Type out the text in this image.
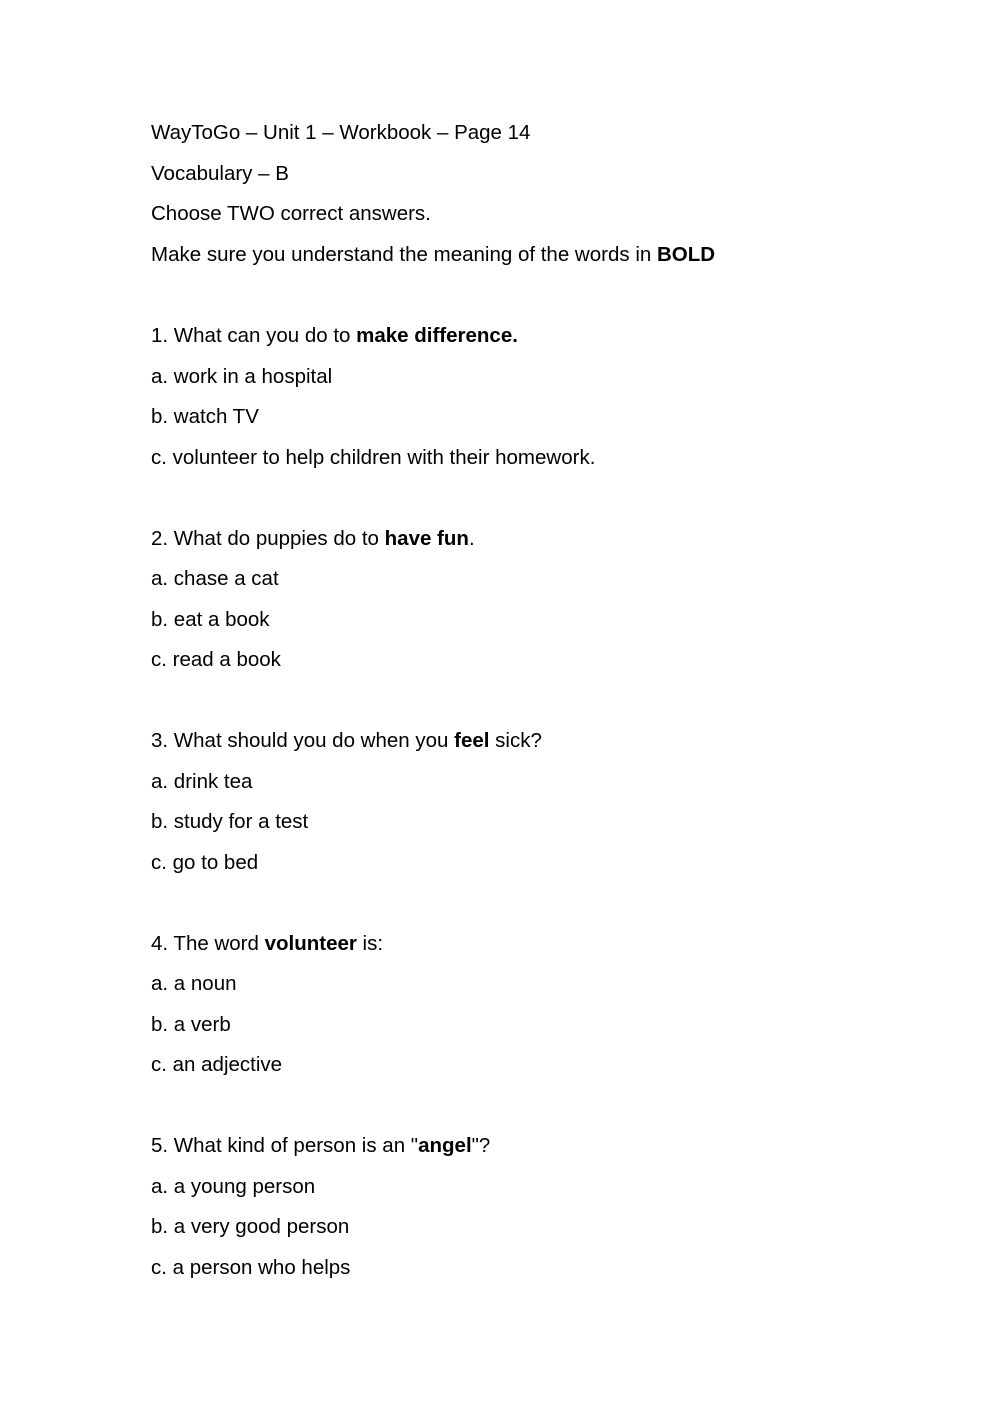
WayToGo – Unit 1 – Workbook – Page 14
Vocabulary – B
Choose TWO correct answers.
Make sure you understand the meaning of the words in BOLD
1. What can you do to make difference.
a. work in a hospital
b. watch TV
c. volunteer to help children with their homework.
2. What do puppies do to have fun.
a. chase a cat
b. eat a book
c. read a book
3. What should you do when you feel sick?
a. drink tea
b. study for a test
c. go to bed
4. The word volunteer is:
a. a noun
b. a verb
c. an adjective
5. What kind of person is an "angel"?
a. a young person
b. a very good person
c. a person who helps
